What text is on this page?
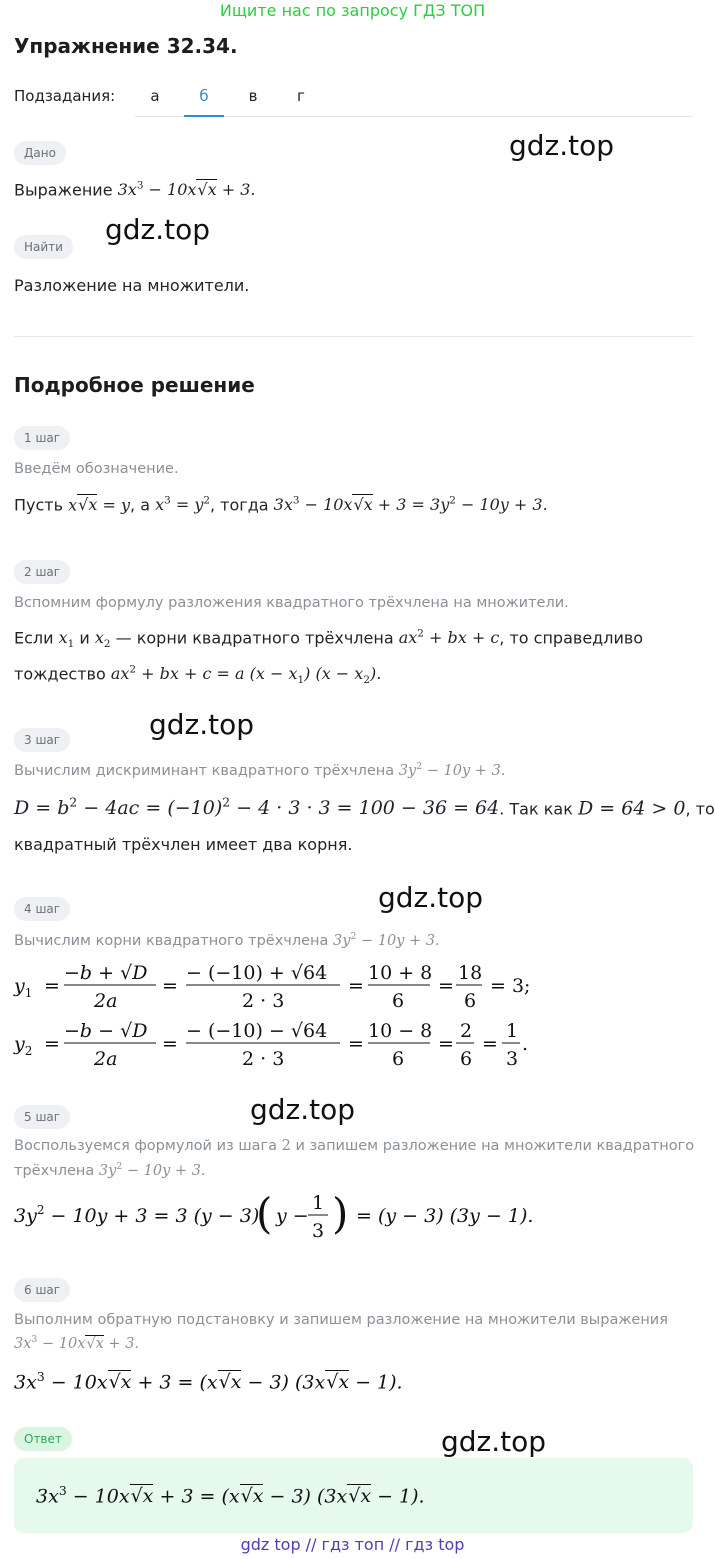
Ищите нас по запросу ГДЗ ТОП
Упражнение 32.34.
Подзадания:	а	б	в	г
Дано	gdz.top
Выражение $3x^3 - 10x√x + 3$.
Найти
gdz.top
Разложение на множители.
Подробное решение
1 шаг
Введём обозначение.
Пусть x√x = y, а $x^3 = y^2$, тогда $3x^3 - 10x√x + 3 = 3y^2 - 10y + 3$.
2 шаг
Вспомним формулу разложения квадратного трёхчлена на множители.
Если $x_1$ и $x_2$ — корни квадратного трёхчлена $ax^2$ + bx + c, то справедливо
тождество $ax^2$ + bx + c = a $(x - x_1)$ $(x - x_2)$.
gdz.top
3 шаг
Вычислим дискриминант квадратного трёхчлена $3y^2 - 10y + 3$.
$D = b^2 - 4ac = (-10)^2 - 4 \cdot 3 \cdot 3 = 100 - 36 = 64$. Так как D = 64 > 0, то
квадратный трёхчлен имеет два корня.
gdz.top
4 шаг
Вычислим корни квадратного трёхчлена $3y^2 - 10y + 3$.
$y_1$ =
−b + √D
2a
=
− (−10) + √64
2 · 3
=
10 + 8
6
=
18
6
= 3;
$y_2$ =
−b − √D
2a
=
− (−10) − √64
2 · 3
=
10 − 8
6
=
2
6
=
1
3
.
gdz.top
5 шаг
Воспользуемся формулой из шага 2 и запишем разложение на множители квадратного
трёхчлена $3y^2 - 10y + 3$.
$3y^2 - 10y + 3 = 3$ (y − 3)
( y −
1
3 ) = (y − 3) (3y − 1).
6 шаг
Выполним обратную подстановку и запишем разложение на множители выражения
$3x^3 - 10x√x + 3$.
$3x^3 - 10x√x + 3 = (x√x - 3) (3x√x - 1)$.
Ответ	gdz.top
$3x^3 - 10x√x + 3 = (x√x - 3) (3x√x - 1)$.
gdz top // гдз топ // гдз top
